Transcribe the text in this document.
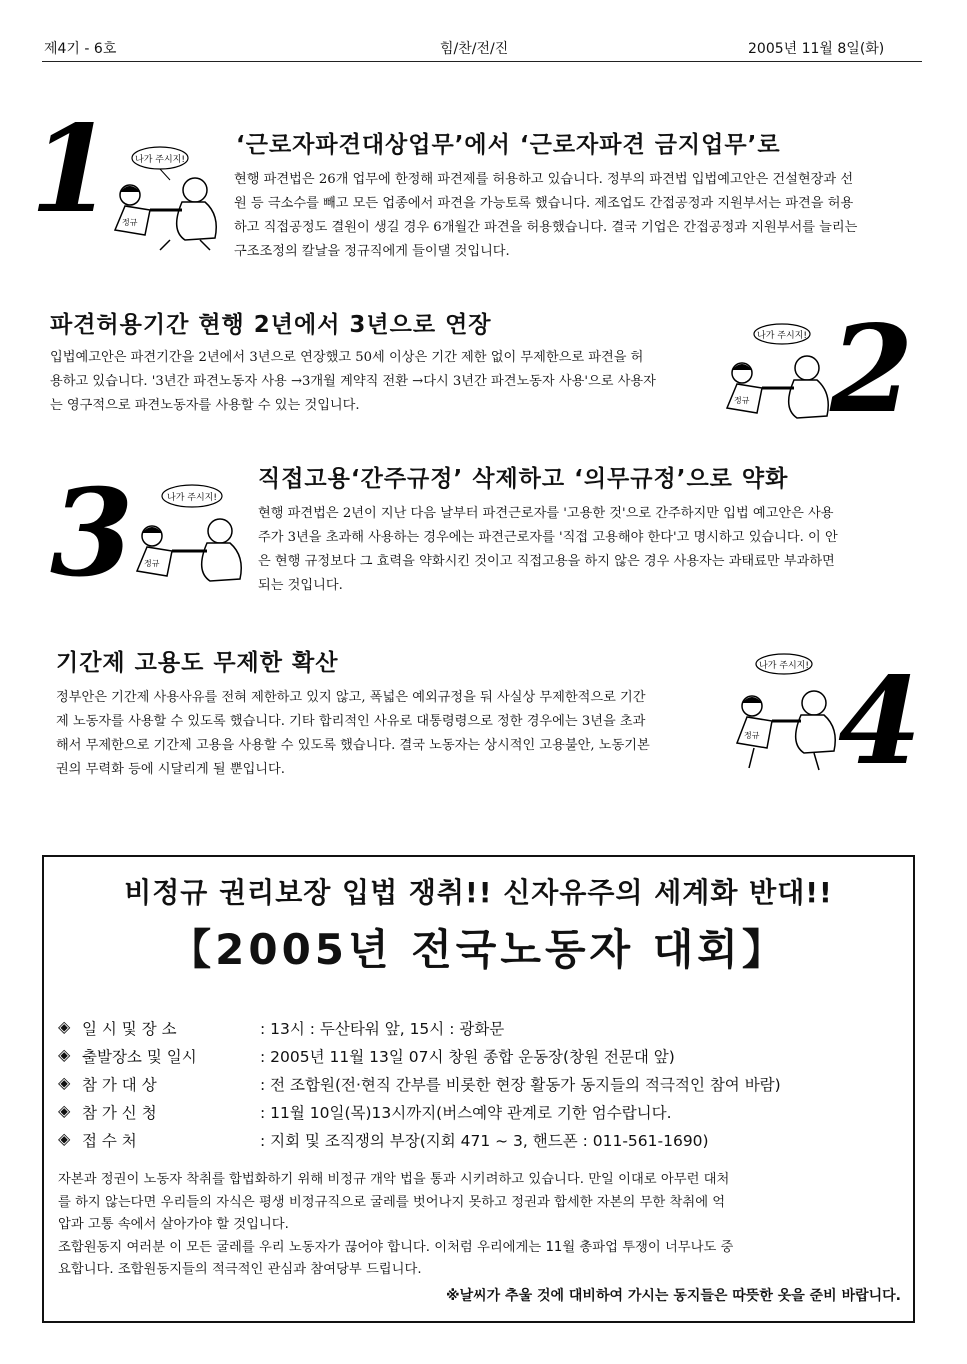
제4기 - 6호	힘/찬/전/진	2005년 11월 8일(화)
1 나가 주시지!
정규
‘근로자파견대상업무’에서 ‘근로자파견 금지업무’로
현행 파견법은 26개 업무에 한정해 파견제를 허용하고 있습니다. 정부의 파견법 입법예고안은 건설현장과 선
원 등 극소수를 빼고 모든 업종에서 파견을 가능토록 했습니다. 제조업도 간접공정과 지원부서는 파견을 허용
하고 직접공정도 결원이 생길 경우 6개월간 파견을 허용했습니다. 결국 기업은 간접공정과 지원부서를 늘리는
구조조정의 칼날을 정규직에게 들이댈 것입니다.
파견허용기간 현행 2년에서 3년으로 연장
입법예고안은 파견기간을 2년에서 3년으로 연장했고 50세 이상은 기간 제한 없이 무제한으로 파견을 허
용하고 있습니다. '3년간 파견노동자 사용 →3개월 계약직 전환 →다시 3년간 파견노동자 사용'으로 사용자
는 영구적으로 파견노동자를 사용할 수 있는 것입니다.
나가 주시지!
정규 2
3	나가 주시지!
정규
직접고용‘간주규정’ 삭제하고 ‘의무규정’으로 약화
현행 파견법은 2년이 지난 다음 날부터 파견근로자를 '고용한 것'으로 간주하지만 입법 예고안은 사용
주가 3년을 초과해 사용하는 경우에는 파견근로자를 '직접 고용해야 한다'고 명시하고 있습니다. 이 안
은 현행 규정보다 그 효력을 약화시킨 것이고 직접고용을 하지 않은 경우 사용자는 과태료만 부과하면
되는 것입니다.
기간제 고용도 무제한 확산
정부안은 기간제 사용사유를 전혀 제한하고 있지 않고, 폭넓은 예외규정을 둬 사실상 무제한적으로 기간
제 노동자를 사용할 수 있도록 했습니다. 기타 합리적인 사유로 대통령령으로 정한 경우에는 3년을 초과
해서 무제한으로 기간제 고용을 사용할 수 있도록 했습니다. 결국 노동자는 상시적인 고용불안, 노동기본
권의 무력화 등에 시달리게 될 뿐입니다.
나가 주시지!
정규 4
비정규 권리보장 입법 쟁취!! 신자유주의 세계화 반대!!
【2005년 전국노동자 대회】
◈ 일 시 및 장 소	: 13시 : 두산타워 앞, 15시 : 광화문
◈ 출발장소 및 일시	: 2005년 11월 13일 07시 창원 종합 운동장(창원 전문대 앞)
◈ 참 가 대 상	: 전 조합원(전·현직 간부를 비롯한 현장 활동가 동지들의 적극적인 참여 바람)
◈ 참 가 신 청	: 11월 10일(목)13시까지(버스예약 관계로 기한 엄수랍니다.
◈ 접 수 처	: 지회 및 조직쟁의 부장(지회 471 ~ 3, 핸드폰 : 011-561-1690)
자본과 정권이 노동자 착취를 합법화하기 위해 비정규 개악 법을 통과 시키려하고 있습니다. 만일 이대로 아무런 대처
를 하지 않는다면 우리들의 자식은 평생 비정규직으로 굴레를 벗어나지 못하고 정권과 합세한 자본의 무한 착취에 억
압과 고통 속에서 살아가야 할 것입니다.
조합원동지 여러분 이 모든 굴레를 우리 노동자가 끊어야 합니다. 이처럼 우리에게는 11월 총파업 투쟁이 너무나도 중
요합니다. 조합원동지들의 적극적인 관심과 참여당부 드립니다.
※날씨가 추울 것에 대비하여 가시는 동지들은 따뜻한 옷을 준비 바랍니다.
